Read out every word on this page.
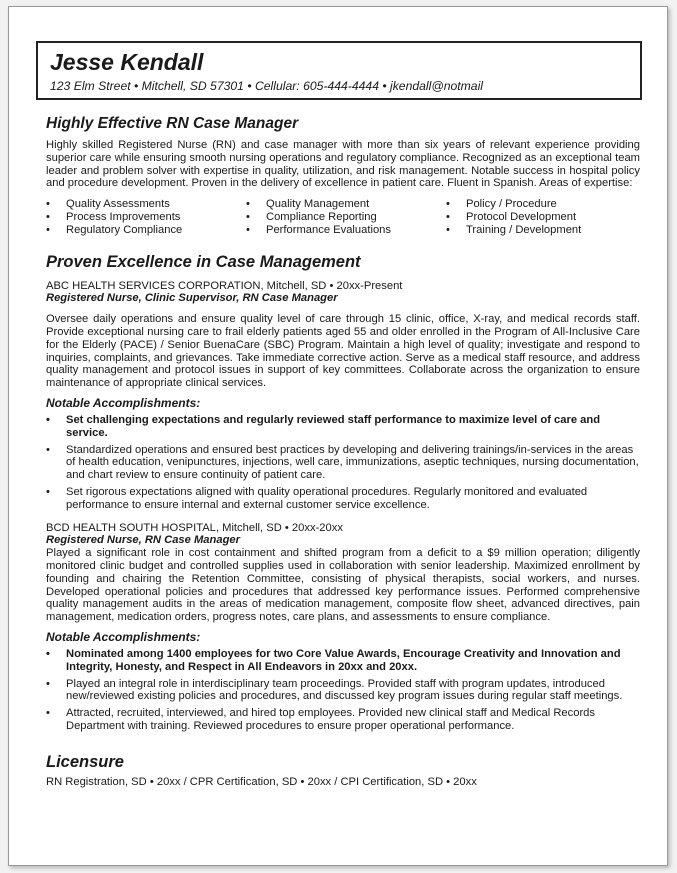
Jesse Kendall
123 Elm Street • Mitchell, SD 57301 • Cellular: 605-444-4444 • jkendall@notmail
Highly Effective RN Case Manager

Highly skilled Registered Nurse (RN) and case manager with more than six years of relevant experience providing superior care while ensuring smooth nursing operations and regulatory compliance. Recognized as an exceptional team leader and problem solver with expertise in quality, utilization, and risk management. Notable success in hospital policy and procedure development. Proven in the delivery of excellence in patient care. Fluent in Spanish. Areas of expertise:

• Quality Assessments	• Quality Management	• Policy / Procedure
• Process Improvements	• Compliance Reporting	• Protocol Development
• Regulatory Compliance	• Performance Evaluations	• Training / Development
Proven Excellence in Case Management
ABC HEALTH SERVICES CORPORATION, Mitchell, SD • 20xx-Present
Registered Nurse, Clinic Supervisor, RN Case Manager

Oversee daily operations and ensure quality level of care through 15 clinic, office, X-ray, and medical records staff. Provide exceptional nursing care to frail elderly patients aged 55 and older enrolled in the Program of All-Inclusive Care for the Elderly (PACE) / Senior BuenaCare (SBC) Program. Maintain a high level of quality; investigate and respond to inquiries, complaints, and grievances. Take immediate corrective action. Serve as a medical staff resource, and address quality management and protocol issues in support of key committees. Collaborate across the organization to ensure maintenance of appropriate clinical services.

Notable Accomplishments:
• Set challenging expectations and regularly reviewed staff performance to maximize level of care and service.
• Standardized operations and ensured best practices by developing and delivering trainings/in-services in the areas of health education, venipunctures, injections, well care, immunizations, aseptic techniques, nursing documentation, and chart review to ensure continuity of patient care.
• Set rigorous expectations aligned with quality operational procedures. Regularly monitored and evaluated performance to ensure internal and external customer service excellence.
BCD HEALTH SOUTH HOSPITAL, Mitchell, SD • 20xx-20xx
Registered Nurse, RN Case Manager

Played a significant role in cost containment and shifted program from a deficit to a $9 million operation; diligently monitored clinic budget and controlled supplies used in collaboration with senior leadership. Maximized enrollment by founding and chairing the Retention Committee, consisting of physical therapists, social workers, and nurses. Developed operational policies and procedures that addressed key performance issues. Performed comprehensive quality management audits in the areas of medication management, composite flow sheet, advanced directives, pain management, medication orders, progress notes, care plans, and assessments to ensure compliance.

Notable Accomplishments:
• Nominated among 1400 employees for two Core Value Awards, Encourage Creativity and Innovation and Integrity, Honesty, and Respect in All Endeavors in 20xx and 20xx.
• Played an integral role in interdisciplinary team proceedings. Provided staff with program updates, introduced new/reviewed existing policies and procedures, and discussed key program issues during regular staff meetings.
• Attracted, recruited, interviewed, and hired top employees. Provided new clinical staff and Medical Records Department with training. Reviewed procedures to ensure proper operational performance.
Licensure
RN Registration, SD • 20xx / CPR Certification, SD • 20xx / CPI Certification, SD • 20xx
